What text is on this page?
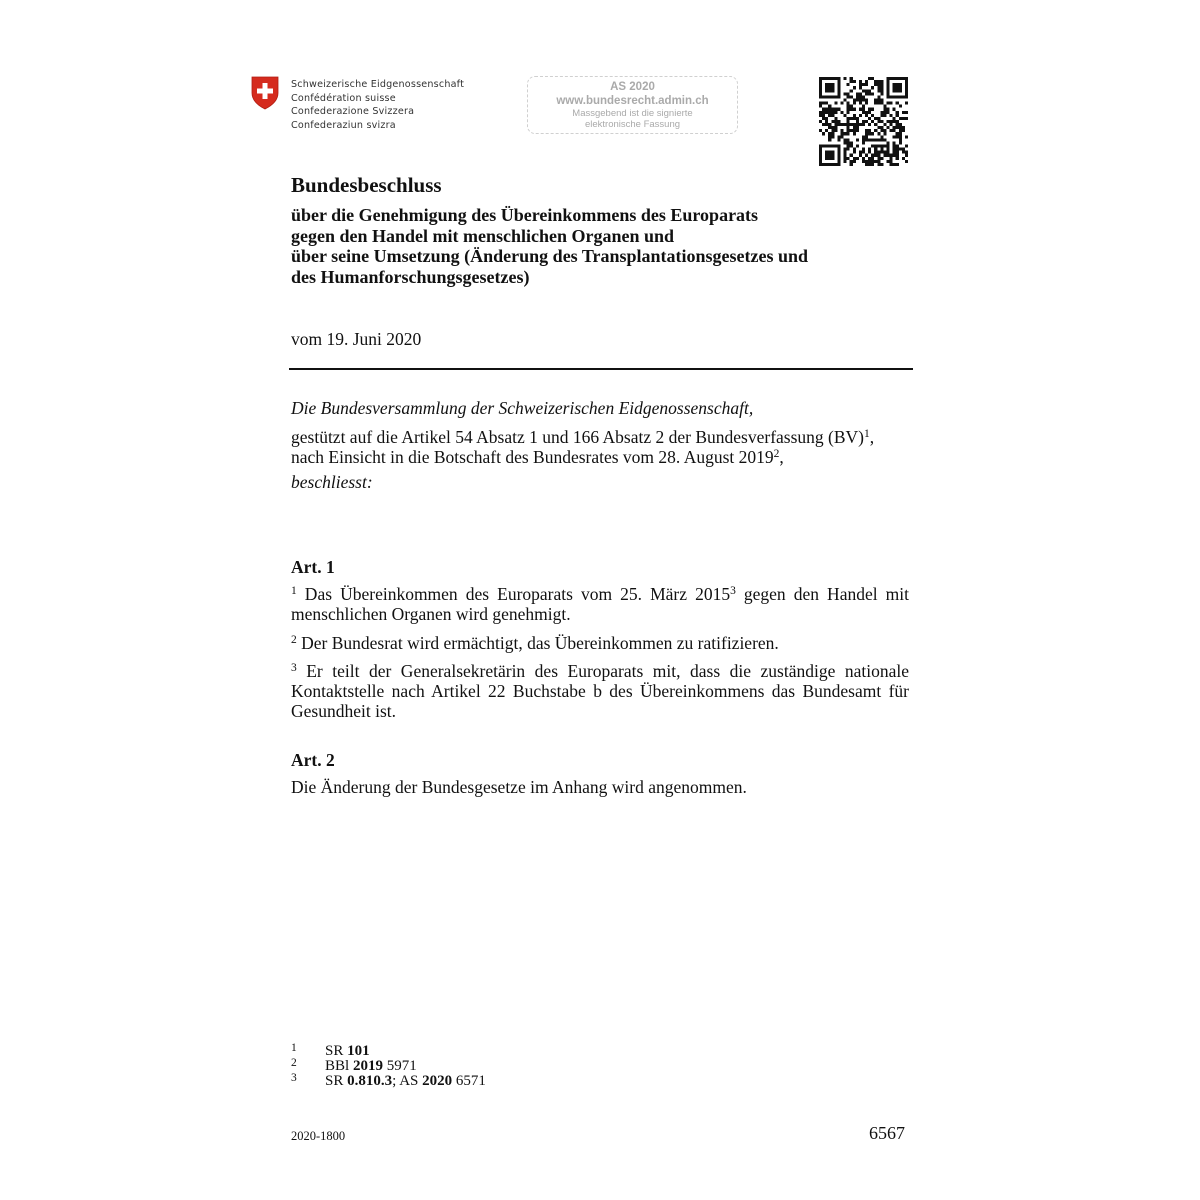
Schweizerische Eidgenossenschaft
Confédération suisse
Confederazione Svizzera
Confederaziun svizra
AS 2020
www.bundesrecht.admin.ch
Massgebend ist die signierte
elektronische Fassung
Bundesbeschluss
über die Genehmigung des Übereinkommens des Europarats
gegen den Handel mit menschlichen Organen und
über seine Umsetzung (Änderung des Transplantationsgesetzes und
des Humanforschungsgesetzes)
vom 19. Juni 2020
Die Bundesversammlung der Schweizerischen Eidgenossenschaft,
gestützt auf die Artikel 54 Absatz 1 und 166 Absatz 2 der Bundesverfassung (BV)$^1$,
nach Einsicht in die Botschaft des Bundesrates vom 28. August 2019$^2$,
beschliesst:
Art. 1
$^1$ Das Übereinkommen des Europarats vom 25. März 2015$^3$ gegen den Handel mit
menschlichen Organen wird genehmigt.
$^2$ Der Bundesrat wird ermächtigt, das Übereinkommen zu ratifizieren.
$^3$ Er teilt der Generalsekretärin des Europarats mit, dass die zuständige nationale
Kontaktstelle nach Artikel 22 Buchstabe b des Übereinkommens das Bundesamt für
Gesundheit ist.
Art. 2
Die Änderung der Bundesgesetze im Anhang wird angenommen.
1 SR 101
2 BBl 2019 5971
3 SR 0.810.3; AS 2020 6571
2020-1800	6567
